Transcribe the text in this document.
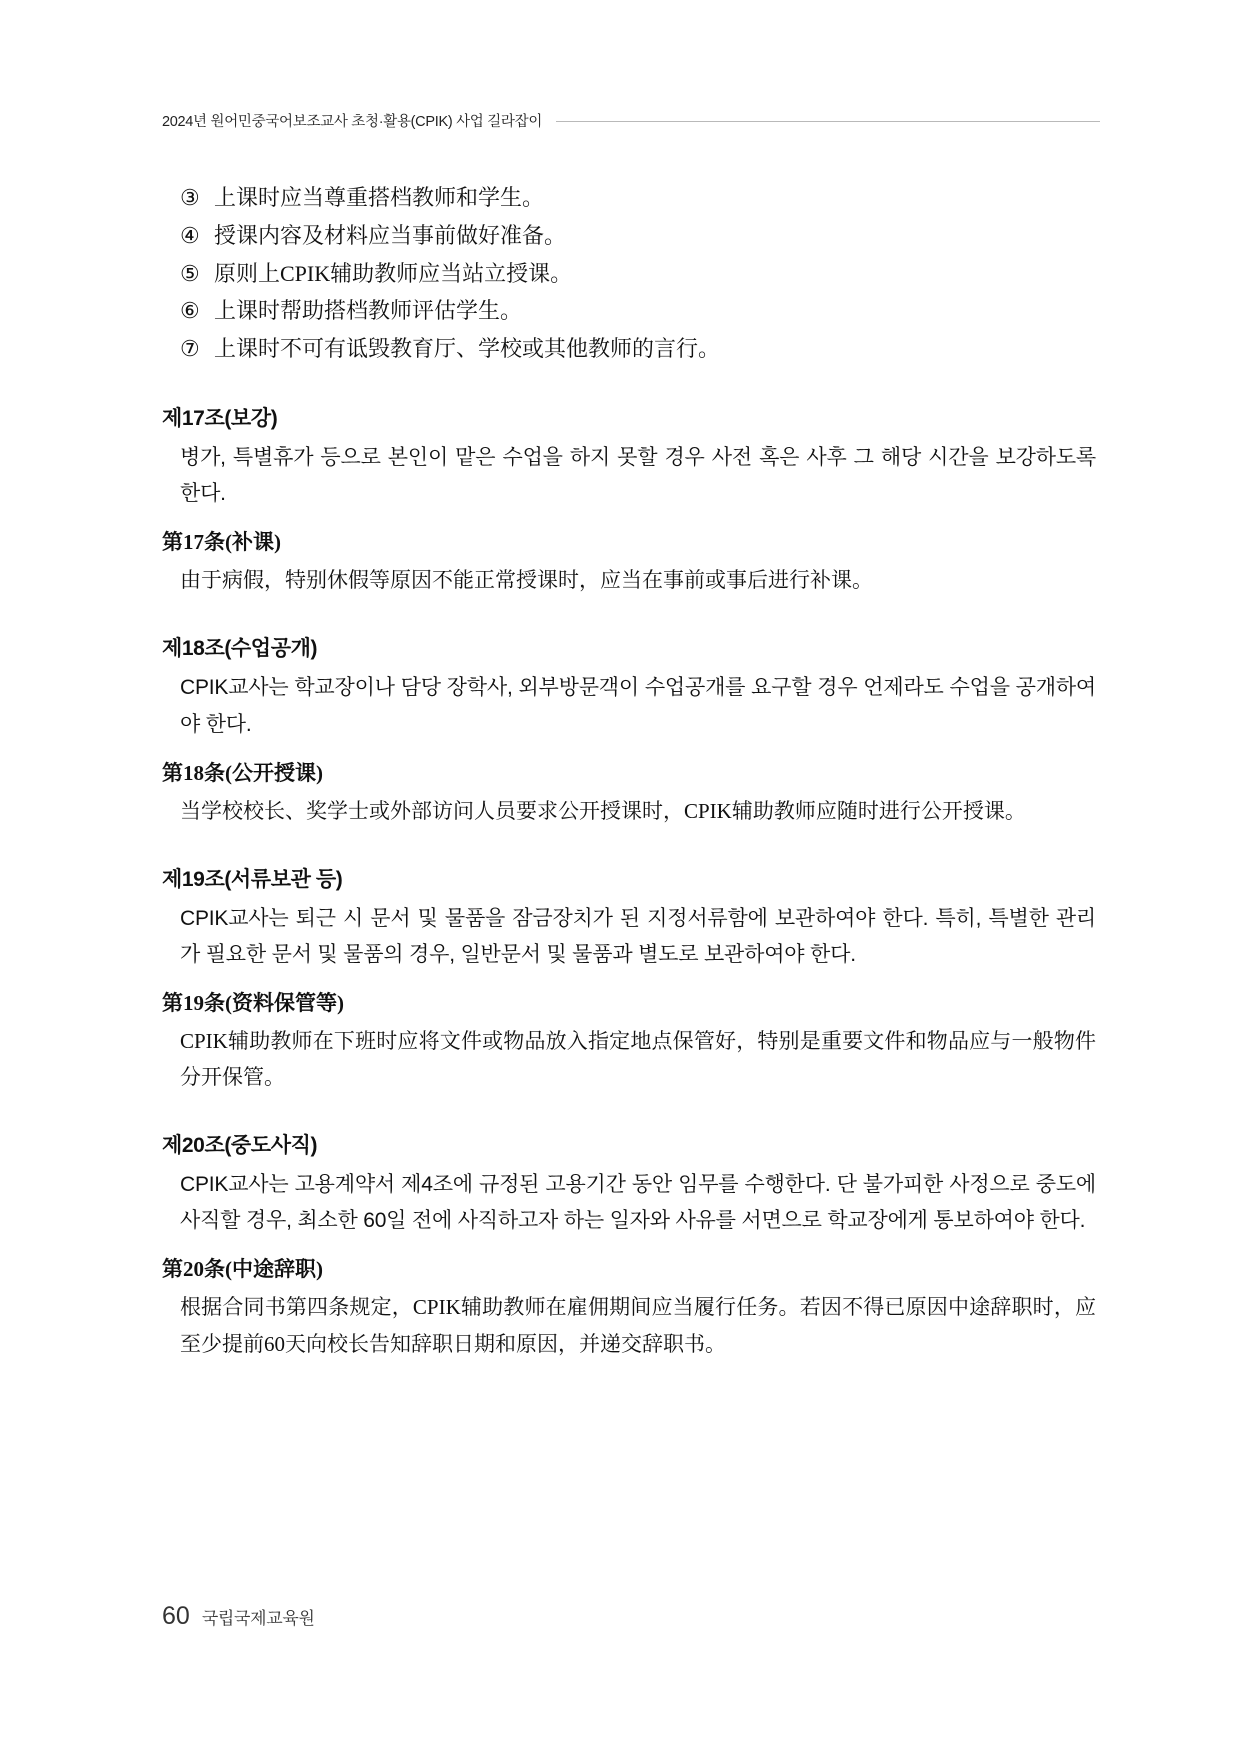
2024년 원어민중국어보조교사 초청·활용(CPIK) 사업 길라잡이
③ 上课时应当尊重搭档教师和学生。
④ 授课内容及材料应当事前做好准备。
⑤ 原则上CPIK辅助教师应当站立授课。
⑥ 上课时帮助搭档教师评估学生。
⑦ 上课时不可有诋毁教育厅、学校或其他教师的言行。
제17조(보강)
병가, 특별휴가 등으로 본인이 맡은 수업을 하지 못할 경우 사전 혹은 사후 그 해당 시간을 보강하도록 한다.
第17条(补课)
由于病假，特别休假等原因不能正常授课时，应当在事前或事后进行补课。
제18조(수업공개)
CPIK교사는 학교장이나 담당 장학사, 외부방문객이 수업공개를 요구할 경우 언제라도 수업을 공개하여야 한다.
第18条(公开授课)
当学校校长、奖学士或外部访问人员要求公开授课时，CPIK辅助教师应随时进行公开授课。
제19조(서류보관 등)
CPIK교사는 퇴근 시 문서 및 물품을 잠금장치가 된 지정서류함에 보관하여야 한다. 특히, 특별한 관리가 필요한 문서 및 물품의 경우, 일반문서 및 물품과 별도로 보관하여야 한다.
第19条(资料保管等)
CPIK辅助教师在下班时应将文件或物品放入指定地点保管好，特别是重要文件和物品应与一般物件分开保管。
제20조(중도사직)
CPIK교사는 고용계약서 제4조에 규정된 고용기간 동안 임무를 수행한다. 단 불가피한 사정으로 중도에 사직할 경우, 최소한 60일 전에 사직하고자 하는 일자와 사유를 서면으로 학교장에게 통보하여야 한다.
第20条(中途辞职)
根据合同书第四条规定，CPIK辅助教师在雇佣期间应当履行任务。若因不得已原因中途辞职时，应至少提前60天向校长告知辞职日期和原因，并递交辞职书。
60 국립국제교육원
